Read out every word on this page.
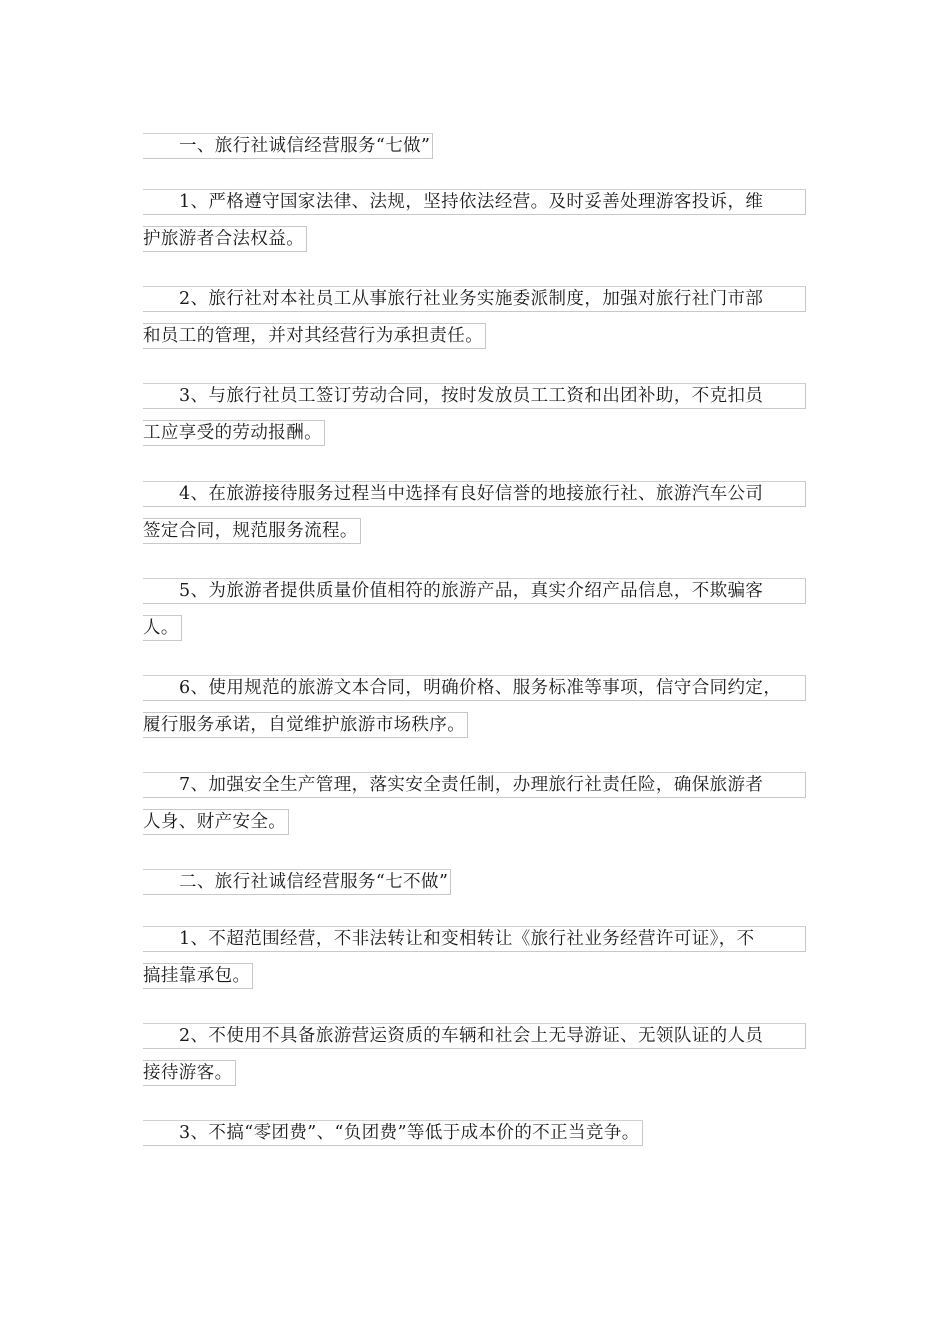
一、旅行社诚信经营服务“七做”
1、严格遵守国家法律、法规，坚持依法经营。及时妥善处理游客投诉，维
护旅游者合法权益。
2、旅行社对本社员工从事旅行社业务实施委派制度，加强对旅行社门市部
和员工的管理，并对其经营行为承担责任。
3、与旅行社员工签订劳动合同，按时发放员工工资和出团补助，不克扣员
工应享受的劳动报酬。
4、在旅游接待服务过程当中选择有良好信誉的地接旅行社、旅游汽车公司
签定合同，规范服务流程。
5、为旅游者提供质量价值相符的旅游产品，真实介绍产品信息，不欺骗客
人。
6、使用规范的旅游文本合同，明确价格、服务标准等事项，信守合同约定，
履行服务承诺，自觉维护旅游市场秩序。
7、加强安全生产管理，落实安全责任制，办理旅行社责任险，确保旅游者
人身、财产安全。
二、旅行社诚信经营服务“七不做”
1、不超范围经营，不非法转让和变相转让《旅行社业务经营许可证》，不
搞挂靠承包。
2、不使用不具备旅游营运资质的车辆和社会上无导游证、无领队证的人员
接待游客。
3、不搞“零团费”、“负团费”等低于成本价的不正当竞争。
